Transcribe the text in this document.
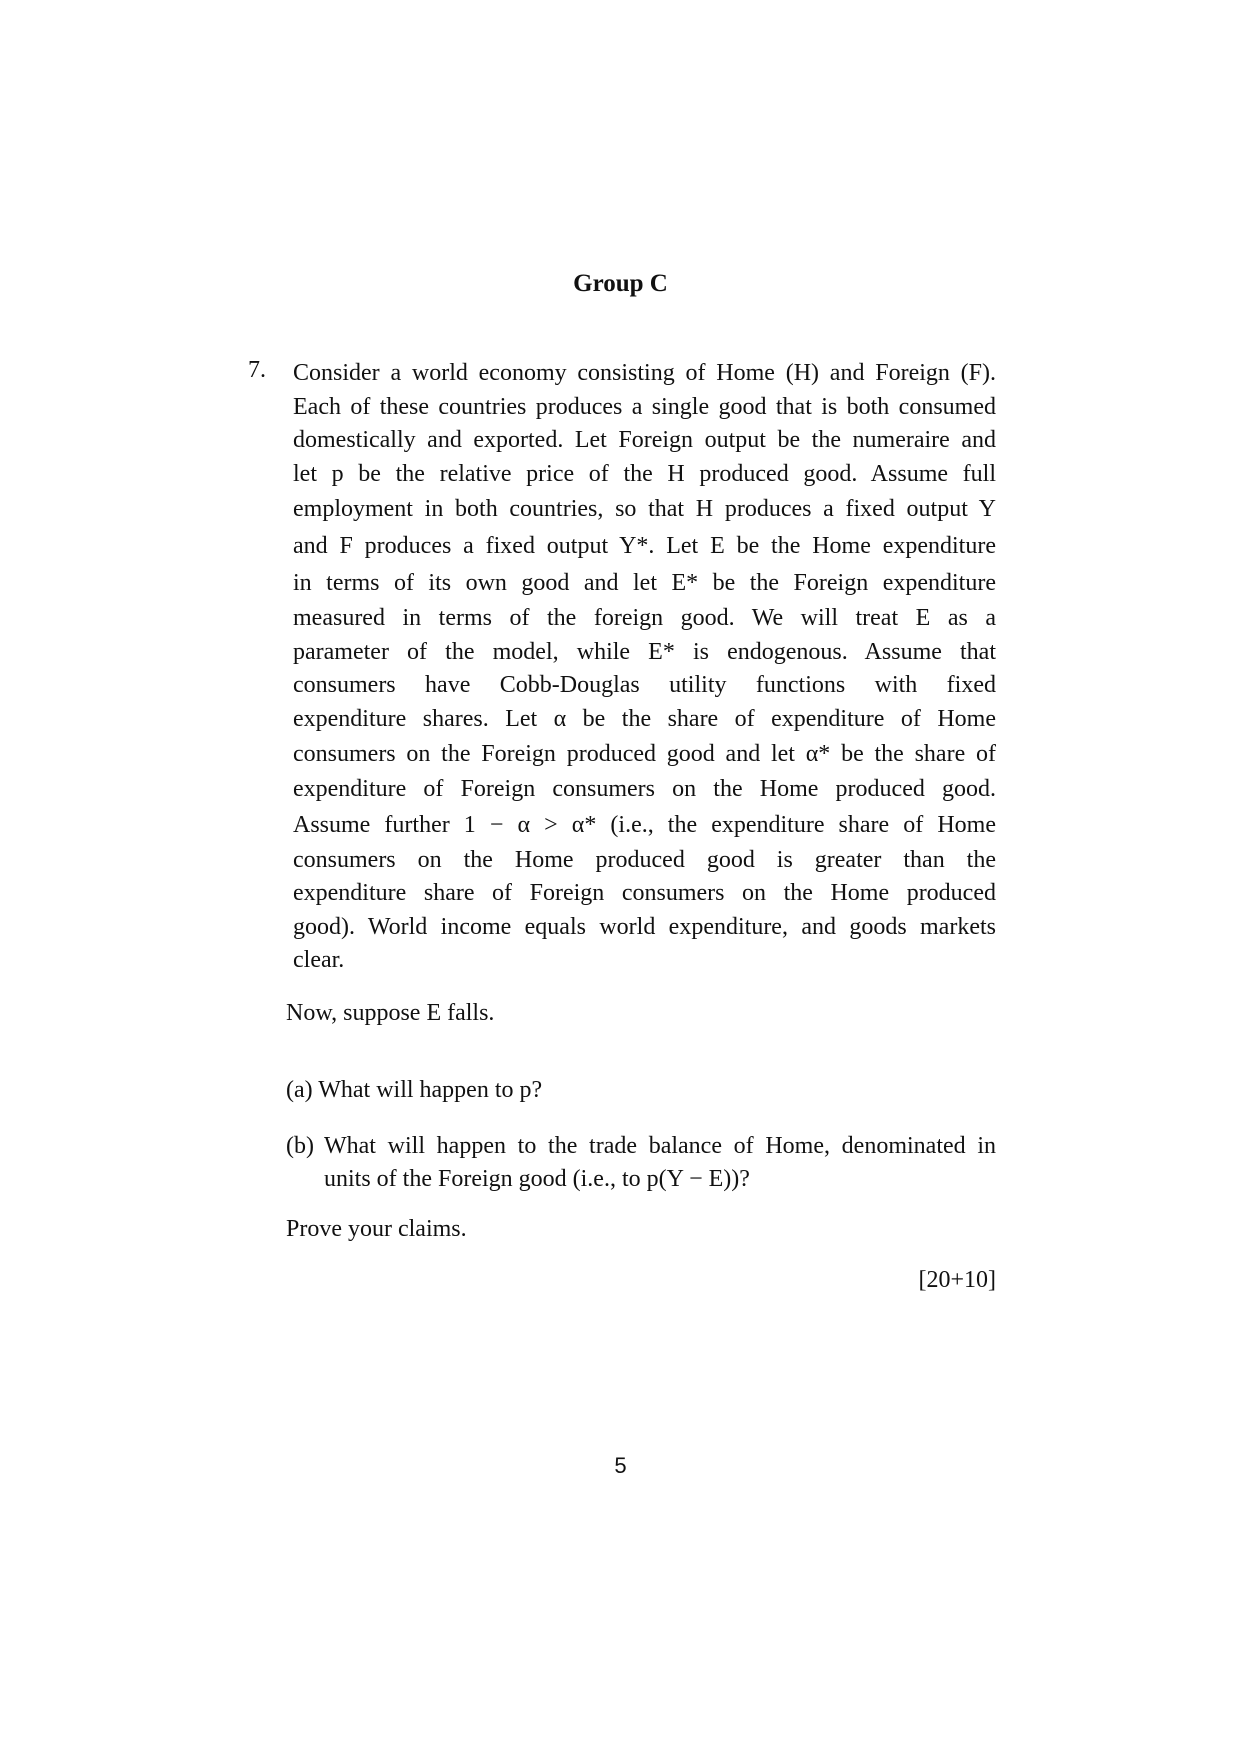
Group C
7. Consider a world economy consisting of Home (H) and Foreign (F).
Each of these countries produces a single good that is both consumed
domestically and exported. Let Foreign output be the numeraire and
let p be the relative price of the H produced good. Assume full
employment in both countries, so that H produces a fixed output Y
and F produces a fixed output Y*. Let E be the Home expenditure
in terms of its own good and let E* be the Foreign expenditure
measured in terms of the foreign good. We will treat E as a
parameter of the model, while E* is endogenous. Assume that
consumers have Cobb-Douglas utility functions with fixed
expenditure shares. Let α be the share of expenditure of Home
consumers on the Foreign produced good and let α* be the share of
expenditure of Foreign consumers on the Home produced good.
Assume further 1 − α > α* (i.e., the expenditure share of Home
consumers on the Home produced good is greater than the
expenditure share of Foreign consumers on the Home produced
good). World income equals world expenditure, and goods markets
clear.
Now, suppose E falls.
(a) What will happen to p?
(b) What will happen to the trade balance of Home, denominated in
units of the Foreign good (i.e., to p(Y − E))?
Prove your claims.
[20+10]
5
